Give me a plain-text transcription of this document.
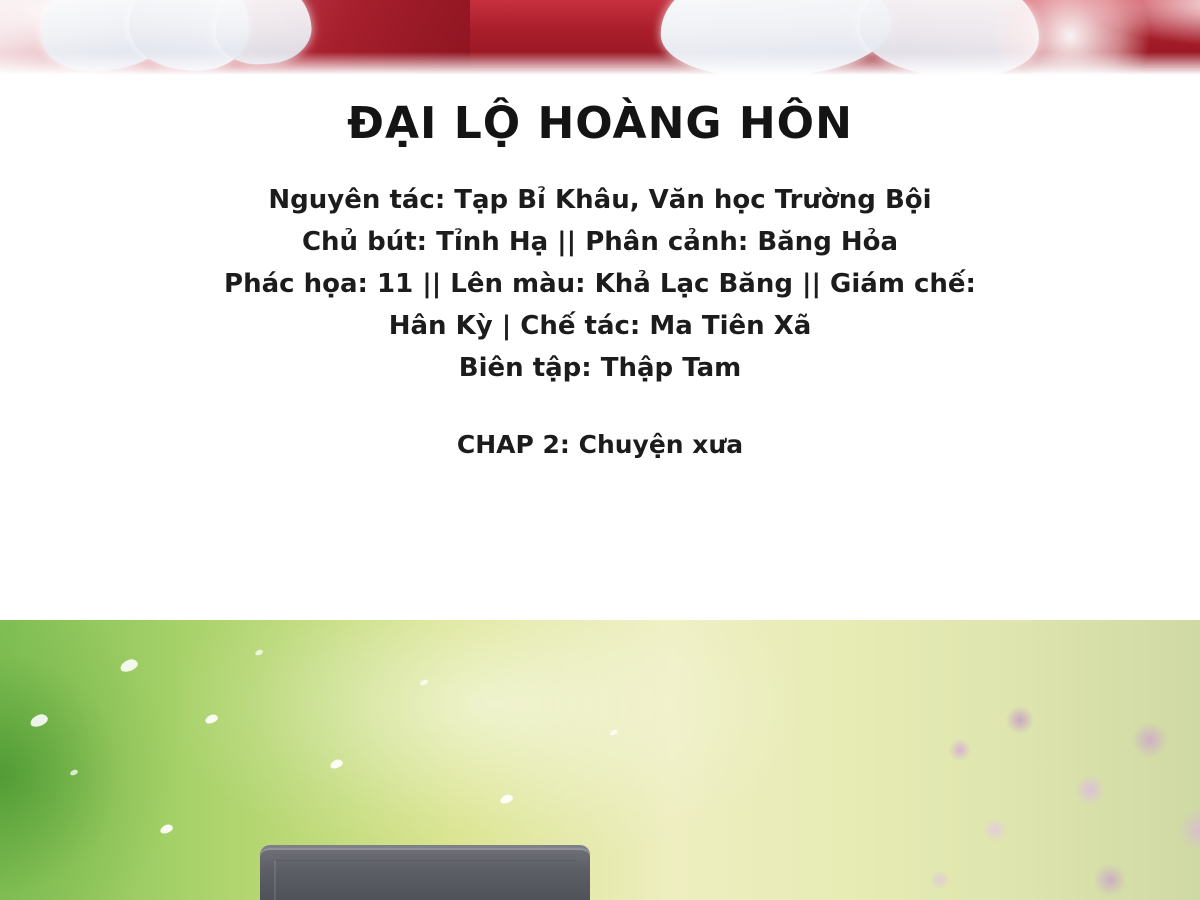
ĐẠI LỘ HOÀNG HÔN
Nguyên tác: Tạp Bỉ Khâu, Văn học Trường Bội
Chủ bút: Tỉnh Hạ || Phân cảnh: Băng Hỏa
Phác họa: 11 || Lên màu: Khả Lạc Băng || Giám chế:
Hân Kỳ | Chế tác: Ma Tiên Xã
Biên tập: Thập Tam
CHAP 2: Chuyện xưa
